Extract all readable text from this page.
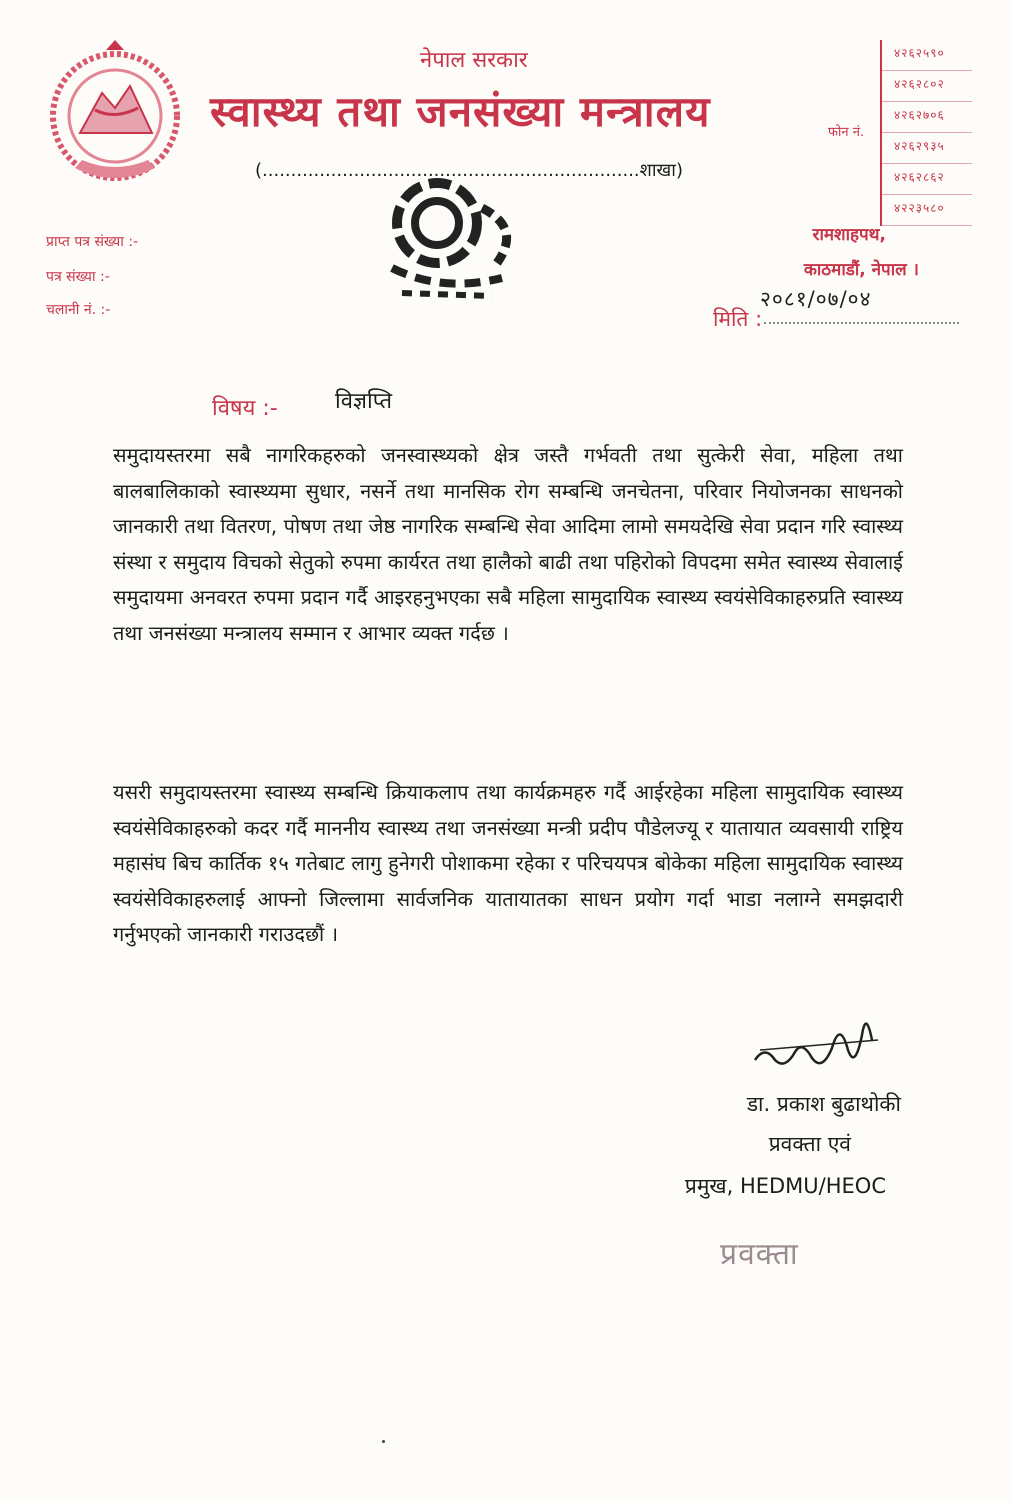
नेपाल सरकार
स्वास्थ्य तथा जनसंख्या मन्त्रालय
(..................................................................शाखा)
फोन नं.
४२६२५९०
४२६२८०२
४२६२७०६
४२६२९३५
४२६२८६२
४२२३५८०
रामशाहपथ,
काठमाडौं, नेपाल ।
प्राप्त पत्र संख्या :-
पत्र संख्या :-
चलानी नं. :-	२०८१/०७/०४
मिति :
विषय :-	विज्ञप्ति
समुदायस्तरमा सबै नागरिकहरुको जनस्वास्थ्यको क्षेत्र जस्तै गर्भवती तथा सुत्केरी सेवा, महिला तथा बालबालिकाको स्वास्थ्यमा सुधार, नसर्ने तथा मानसिक रोग सम्बन्धि जनचेतना, परिवार नियोजनका साधनको जानकारी तथा वितरण, पोषण तथा जेष्ठ नागरिक सम्बन्धि सेवा आदिमा लामो समयदेखि सेवा प्रदान गरि स्वास्थ्य संस्था र समुदाय विचको सेतुको रुपमा कार्यरत तथा हालैको बाढी तथा पहिरोको विपदमा समेत स्वास्थ्य सेवालाई समुदायमा अनवरत रुपमा प्रदान गर्दै आइरहनुभएका सबै महिला सामुदायिक स्वास्थ्य स्वयंसेविकाहरुप्रति स्वास्थ्य तथा जनसंख्या मन्त्रालय सम्मान र आभार व्यक्त गर्दछ ।
यसरी समुदायस्तरमा स्वास्थ्य सम्बन्धि क्रियाकलाप तथा कार्यक्रमहरु गर्दै आईरहेका महिला सामुदायिक स्वास्थ्य स्वयंसेविकाहरुको कदर गर्दै माननीय स्वास्थ्य तथा जनसंख्या मन्त्री प्रदीप पौडेलज्यू र यातायात व्यवसायी राष्ट्रिय महासंघ बिच कार्तिक १५ गतेबाट लागु हुनेगरी पोशाकमा रहेका र परिचयपत्र बोकेका महिला सामुदायिक स्वास्थ्य स्वयंसेविकाहरुलाई आफ्नो जिल्लामा सार्वजनिक यातायातका साधन प्रयोग गर्दा भाडा नलाग्ने समझदारी गर्नुभएको जानकारी गराउदछौं ।
डा. प्रकाश बुढाथोकी
प्रवक्ता एवं
प्रमुख, HEDMU/HEOC
प्रवक्ता
